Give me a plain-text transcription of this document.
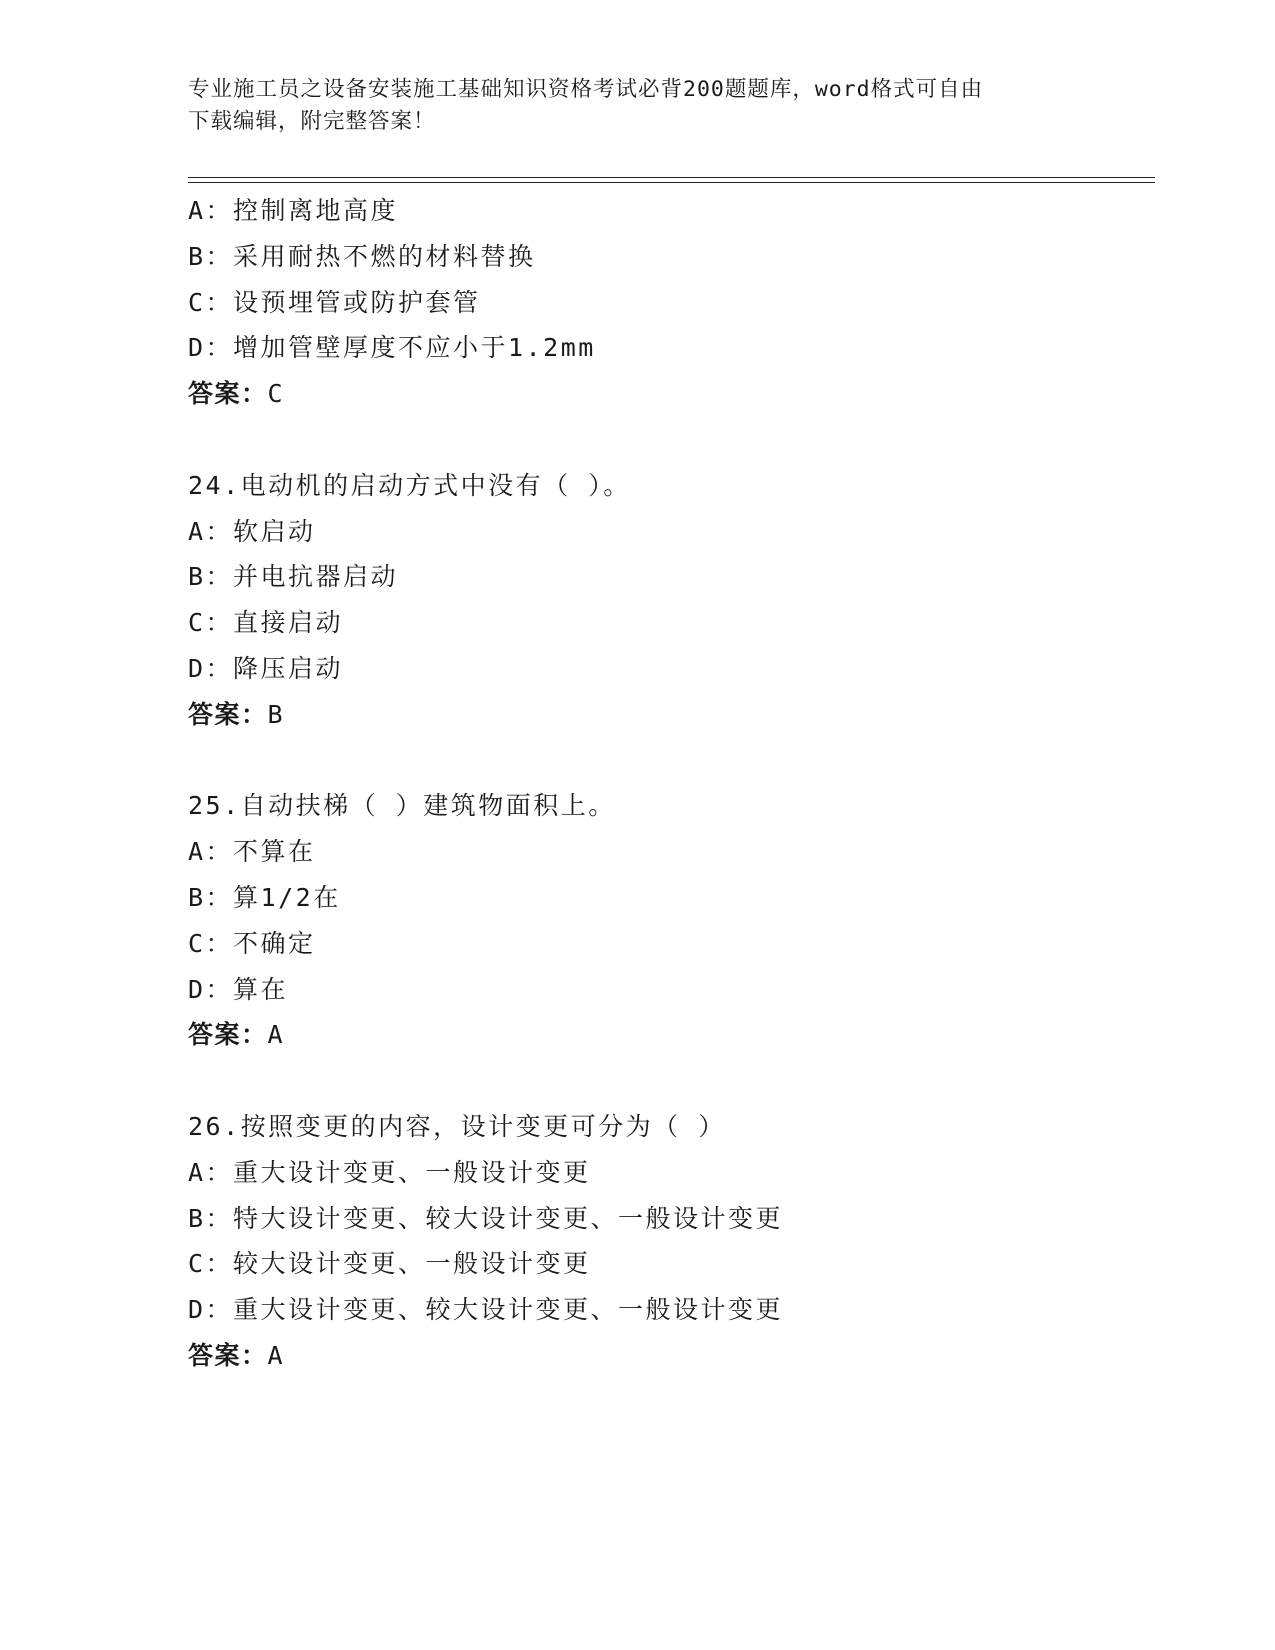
专业施工员之设备安装施工基础知识资格考试必背200题题库，word格式可自由
下载编辑，附完整答案！
A：控制离地高度
B：采用耐热不燃的材料替换
C：设预埋管或防护套管
D：增加管壁厚度不应小于1.2mm
答案：C
24.电动机的启动方式中没有（ ）。
A：软启动
B：并电抗器启动
C：直接启动
D：降压启动
答案：B
25.自动扶梯（ ）建筑物面积上。
A：不算在
B：算1/2在
C：不确定
D：算在
答案：A
26.按照变更的内容，设计变更可分为（ ）
A：重大设计变更、一般设计变更
B：特大设计变更、较大设计变更、一般设计变更
C：较大设计变更、一般设计变更
D：重大设计变更、较大设计变更、一般设计变更
答案：A
